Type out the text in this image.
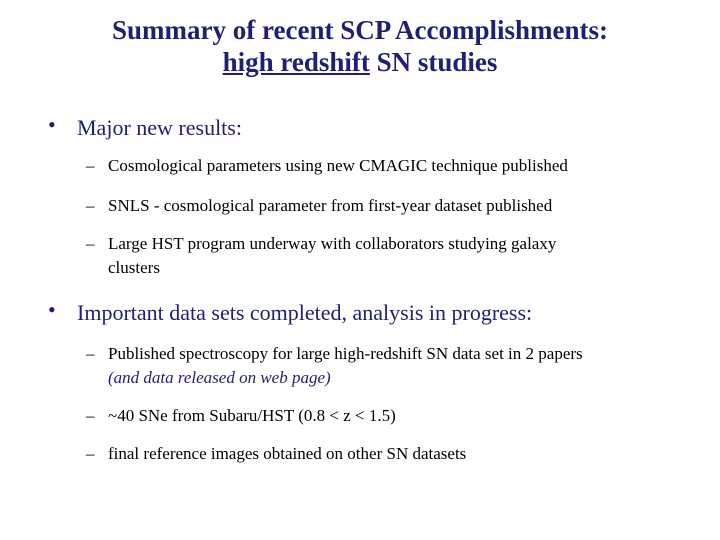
Summary of recent SCP Accomplishments:
high redshift SN studies
• Major new results:
– Cosmological parameters using new CMAGIC technique published
– SNLS - cosmological parameter from first-year dataset published
– Large HST program underway with collaborators studying galaxy
clusters
• Important data sets completed, analysis in progress:
– Published spectroscopy for large high-redshift SN data set in 2 papers
(and data released on web page)
– ~40 SNe from Subaru/HST (0.8 < z < 1.5)
– final reference images obtained on other SN datasets
